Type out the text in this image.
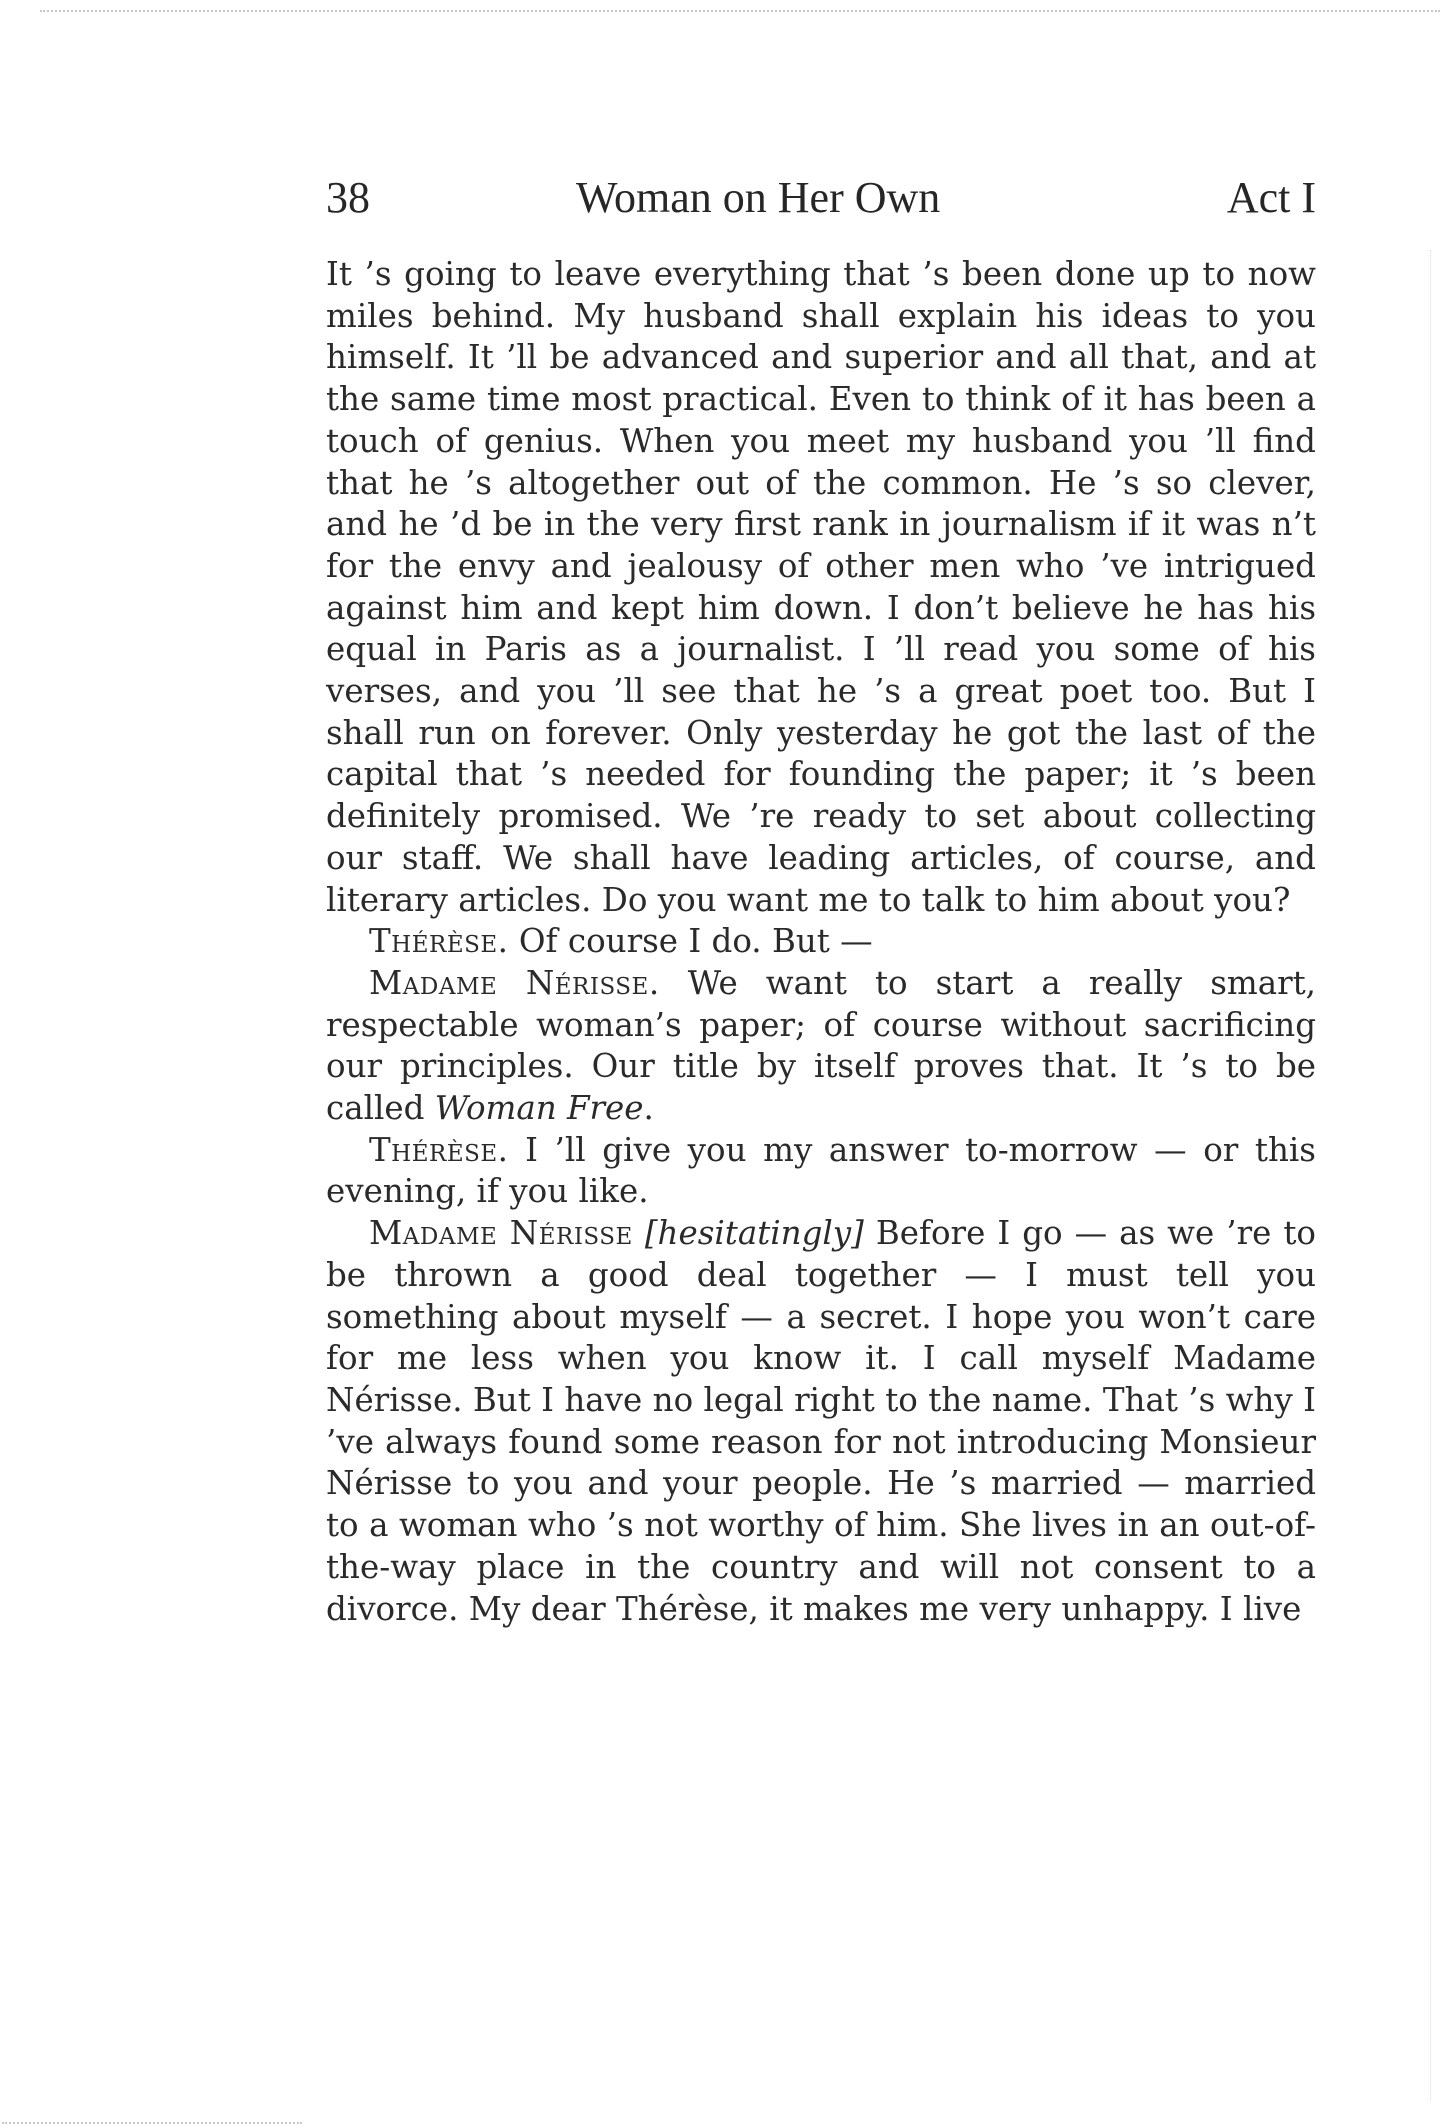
38	Woman on Her Own	Act I

It ’s going to leave everything that ’s been done up to now miles behind. My husband shall explain his ideas to you himself. It ’ll be advanced and superior and all that, and at the same time most practical. Even to think of it has been a touch of genius. When you meet my husband you ’ll find that he ’s altogether out of the common. He ’s so clever, and he ’d be in the very first rank in journalism if it was n’t for the envy and jealousy of other men who ’ve intrigued against him and kept him down. I don’t believe he has his equal in Paris as a journalist. I ’ll read you some of his verses, and you ’ll see that he ’s a great poet too. But I shall run on forever. Only yesterday he got the last of the capital that ’s needed for founding the paper; it ’s been definitely promised. We ’re ready to set about collecting our staff. We shall have leading articles, of course, and literary articles. Do you want me to talk to him about you?

Thérèse. Of course I do. But —

Madame Nérisse. We want to start a really smart, respectable woman’s paper; of course without sacrificing our principles. Our title by itself proves that. It ’s to be called Woman Free.

Thérèse. I ’ll give you my answer to-morrow — or this evening, if you like.

Madame Nérisse [hesitatingly] Before I go — as we ’re to be thrown a good deal together — I must tell you something about myself — a secret. I hope you won’t care for me less when you know it. I call myself Madame Nérisse. But I have no legal right to the name. That ’s why I ’ve always found some reason for not introducing Monsieur Nérisse to you and your people. He ’s married — married to a woman who ’s not worthy of him. She lives in an out-of-the-way place in the country and will not consent to a divorce. My dear Thérèse, it makes me very unhappy. I live
